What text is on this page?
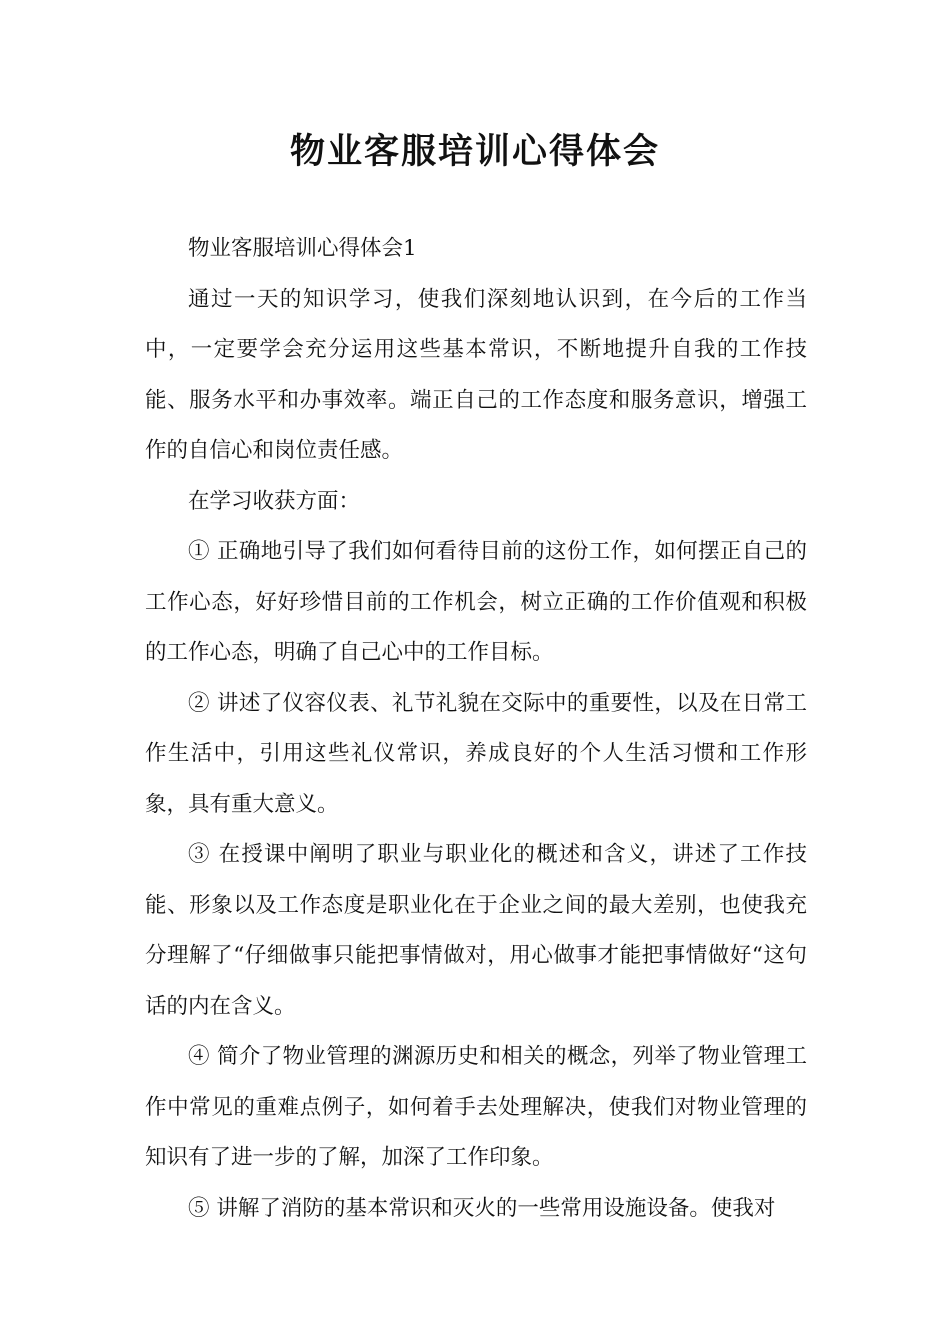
物业客服培训心得体会

物业客服培训心得体会1

通过一天的知识学习，使我们深刻地认识到，在今后的工作当中，一定要学会充分运用这些基本常识，不断地提升自我的工作技能、服务水平和办事效率。端正自己的工作态度和服务意识，增强工作的自信心和岗位责任感。

在学习收获方面：

① 正确地引导了我们如何看待目前的这份工作，如何摆正自己的工作心态，好好珍惜目前的工作机会，树立正确的工作价值观和积极的工作心态，明确了自己心中的工作目标。

② 讲述了仪容仪表、礼节礼貌在交际中的重要性，以及在日常工作生活中，引用这些礼仪常识，养成良好的个人生活习惯和工作形象，具有重大意义。

③ 在授课中阐明了职业与职业化的概述和含义，讲述了工作技能、形象以及工作态度是职业化在于企业之间的最大差别，也使我充分理解了“仔细做事只能把事情做对，用心做事才能把事情做好“这句话的内在含义。

④ 简介了物业管理的渊源历史和相关的概念，列举了物业管理工作中常见的重难点例子，如何着手去处理解决，使我们对物业管理的知识有了进一步的了解，加深了工作印象。

⑤ 讲解了消防的基本常识和灭火的一些常用设施设备。使我对
